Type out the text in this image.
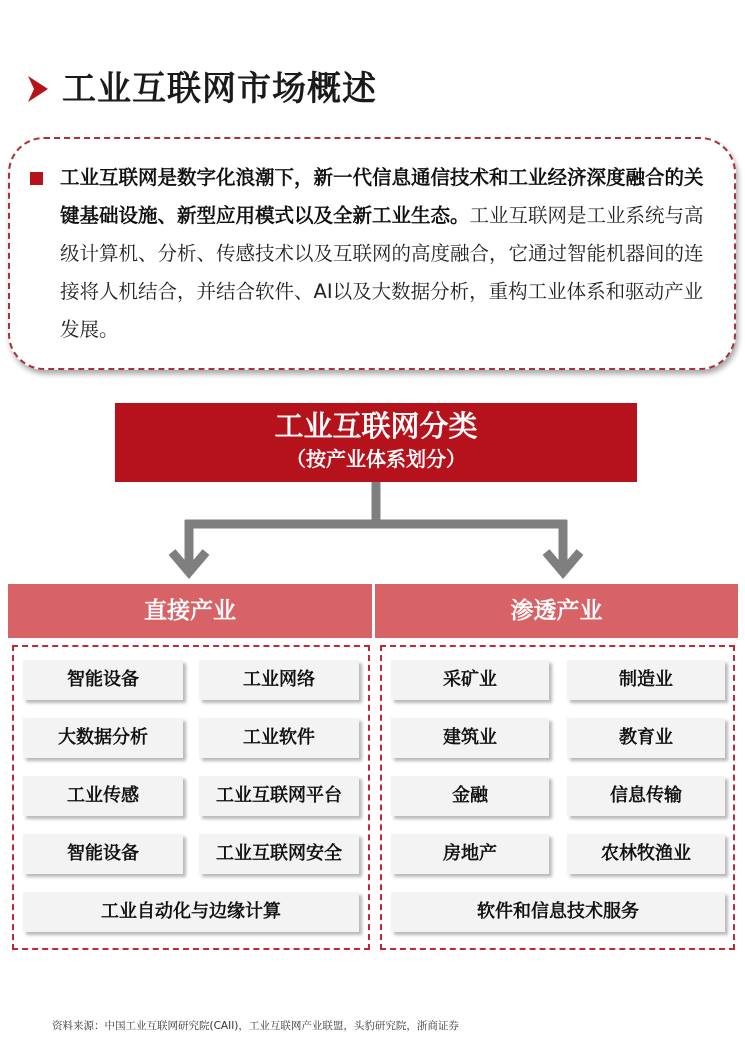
工业互联网市场概述
工业互联网是数字化浪潮下，新一代信息通信技术和工业经济深度融合的关键基础设施、新型应用模式以及全新工业生态。工业互联网是工业系统与高级计算机、分析、传感技术以及互联网的高度融合，它通过智能机器间的连接将人机结合，并结合软件、AI以及大数据分析，重构工业体系和驱动产业发展。
工业互联网分类
（按产业体系划分）
直接产业	渗透产业
智能设备	工业网络
大数据分析	工业软件
工业传感	工业互联网平台
智能设备	工业互联网安全
工业自动化与边缘计算
采矿业	制造业
建筑业	教育业
金融	信息传输
房地产	农林牧渔业
软件和信息技术服务
资料来源：中国工业互联网研究院(CAII)，工业互联网产业联盟，头豹研究院，浙商证券
